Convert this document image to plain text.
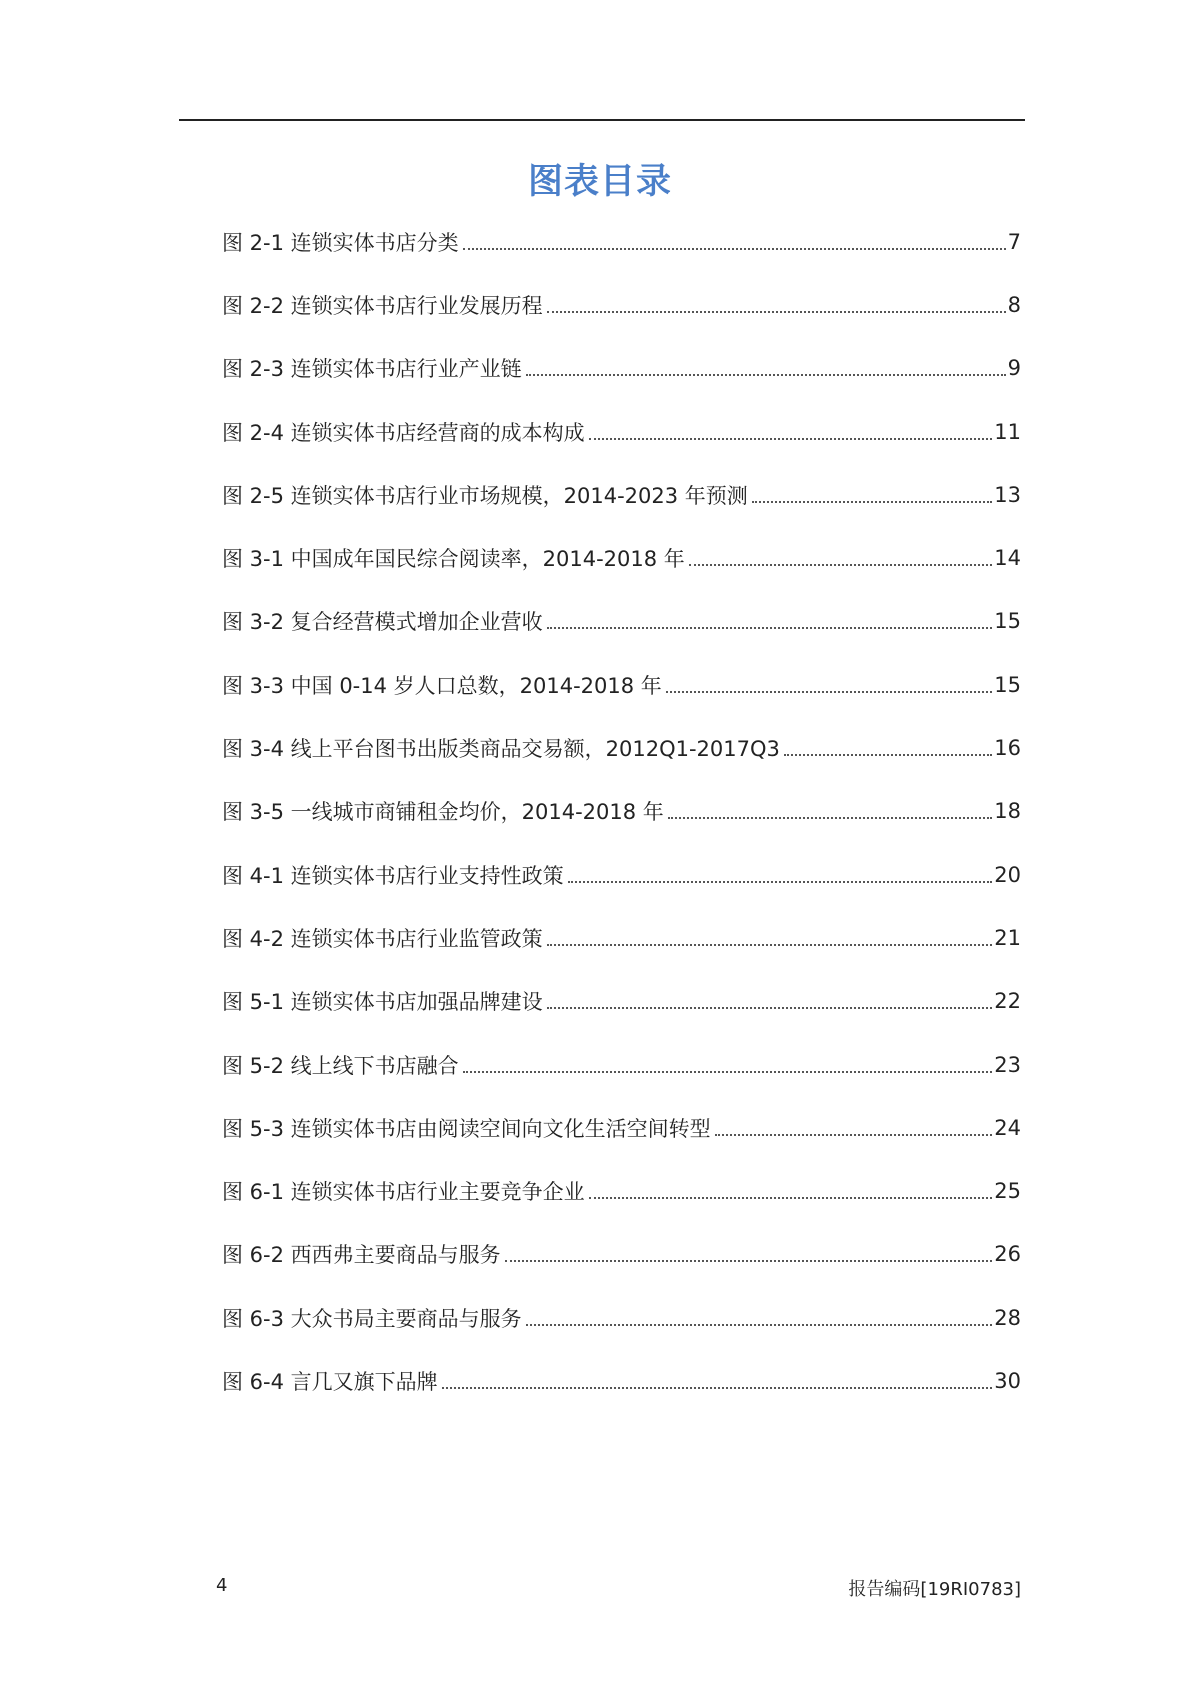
图表目录
图 2-1 连锁实体书店分类	7
图 2-2 连锁实体书店行业发展历程	8
图 2-3 连锁实体书店行业产业链	9
图 2-4 连锁实体书店经营商的成本构成	11
图 2-5 连锁实体书店行业市场规模，2014-2023 年预测	13
图 3-1 中国成年国民综合阅读率，2014-2018 年	14
图 3-2 复合经营模式增加企业营收	15
图 3-3 中国 0-14 岁人口总数，2014-2018 年	15
图 3-4 线上平台图书出版类商品交易额，2012Q1-2017Q3	16
图 3-5 一线城市商铺租金均价，2014-2018 年	18
图 4-1 连锁实体书店行业支持性政策	20
图 4-2 连锁实体书店行业监管政策	21
图 5-1 连锁实体书店加强品牌建设	22
图 5-2 线上线下书店融合	23
图 5-3 连锁实体书店由阅读空间向文化生活空间转型	24
图 6-1 连锁实体书店行业主要竞争企业	25
图 6-2 西西弗主要商品与服务	26
图 6-3 大众书局主要商品与服务	28
图 6-4 言几又旗下品牌	30
4	报告编码[19RI0783]
